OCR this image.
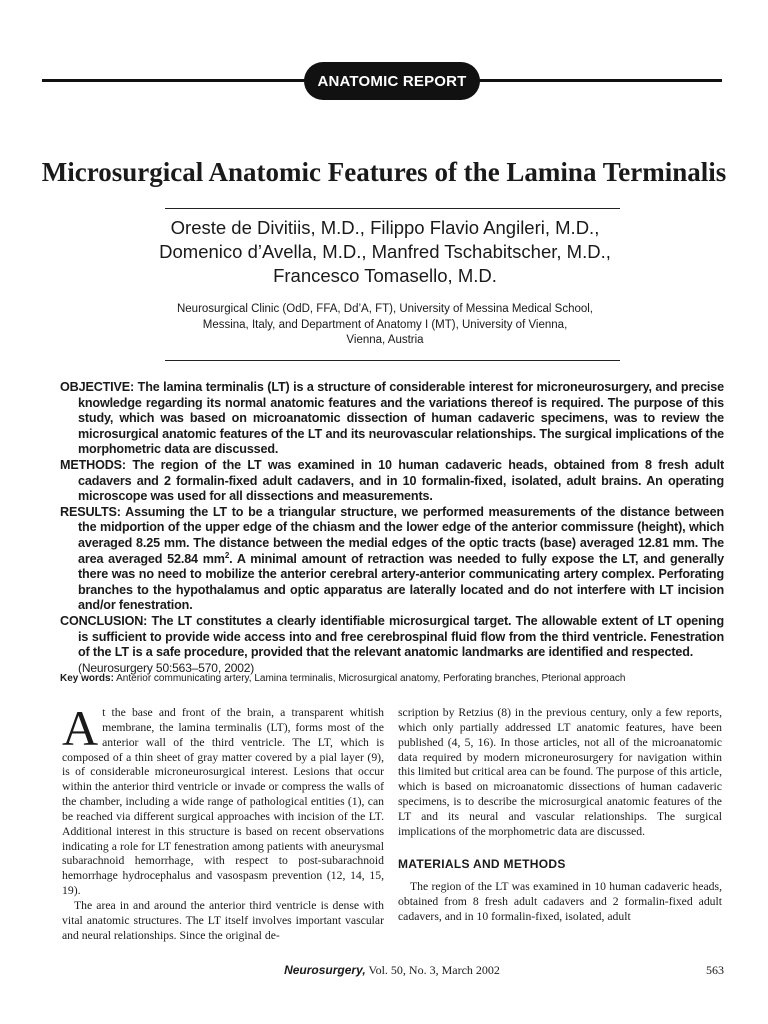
ANATOMIC REPORT
Microsurgical Anatomic Features of the Lamina Terminalis
Oreste de Divitiis, M.D., Filippo Flavio Angileri, M.D.,
Domenico d’Avella, M.D., Manfred Tschabitscher, M.D.,
Francesco Tomasello, M.D.
Neurosurgical Clinic (OdD, FFA, Dd’A, FT), University of Messina Medical School,
Messina, Italy, and Department of Anatomy I (MT), University of Vienna,
Vienna, Austria

OBJECTIVE: The lamina terminalis (LT) is a structure of considerable interest for microneurosurgery, and precise knowledge regarding its normal anatomic features and the variations thereof is required. The purpose of this study, which was based on microanatomic dissection of human cadaveric specimens, was to review the microsurgical anatomic features of the LT and its neurovascular relationships. The surgical implications of the morphometric data are discussed.

METHODS: The region of the LT was examined in 10 human cadaveric heads, obtained from 8 fresh adult cadavers and 2 formalin-fixed adult cadavers, and in 10 formalin-fixed, isolated, adult brains. An operating microscope was used for all dissections and measurements.

RESULTS: Assuming the LT to be a triangular structure, we performed measurements of the distance between the midportion of the upper edge of the chiasm and the lower edge of the anterior commissure (height), which averaged 8.25 mm. The distance between the medial edges of the optic tracts (base) averaged 12.81 mm. The area averaged 52.84 $mm^2$. A minimal amount of retraction was needed to fully expose the LT, and generally there was no need to mobilize the anterior cerebral artery-anterior communicating artery complex. Perforating branches to the hypothalamus and optic apparatus are laterally located and do not interfere with LT incision and/or fenestration.

CONCLUSION: The LT constitutes a clearly identifiable microsurgical target. The allowable extent of LT opening is sufficient to provide wide access into and free cerebrospinal fluid flow from the third ventricle. Fenestration of the LT is a safe procedure, provided that the relevant anatomic landmarks are identified and respected.

(Neurosurgery 50:563–570, 2002)

Key words: Anterior communicating artery, Lamina terminalis, Microsurgical anatomy, Perforating branches, Pterional approach

At the base and front of the brain, a transparent whitish membrane, the lamina terminalis (LT), forms most of the anterior wall of the third ventricle. The LT, which is composed of a thin sheet of gray matter covered by a pial layer (9), is of considerable microneurosurgical interest. Lesions that occur within the anterior third ventricle or invade or compress the walls of the chamber, including a wide range of pathological entities (1), can be reached via different surgical approaches with incision of the LT. Additional interest in this structure is based on recent observations indicating a role for LT fenestration among patients with aneurysmal subarachnoid hemorrhage, with respect to post-subarachnoid hemorrhage hydrocephalus and vasospasm prevention (12, 14, 15, 19).

The area in and around the anterior third ventricle is dense with vital anatomic structures. The LT itself involves important vascular and neural relationships. Since the original de-

scription by Retzius (8) in the previous century, only a few reports, which only partially addressed LT anatomic features, have been published (4, 5, 16). In those articles, not all of the microanatomic data required by modern microneurosurgery for navigation within this limited but critical area can be found. The purpose of this article, which is based on microanatomic dissections of human cadaveric specimens, is to describe the microsurgical anatomic features of the LT and its neural and vascular relationships. The surgical implications of the morphometric data are discussed.

MATERIALS AND METHODS

The region of the LT was examined in 10 human cadaveric heads, obtained from 8 fresh adult cadavers and 2 formalin-fixed adult cadavers, and in 10 formalin-fixed, isolated, adult

Neurosurgery, Vol. 50, No. 3, March 2002	563
